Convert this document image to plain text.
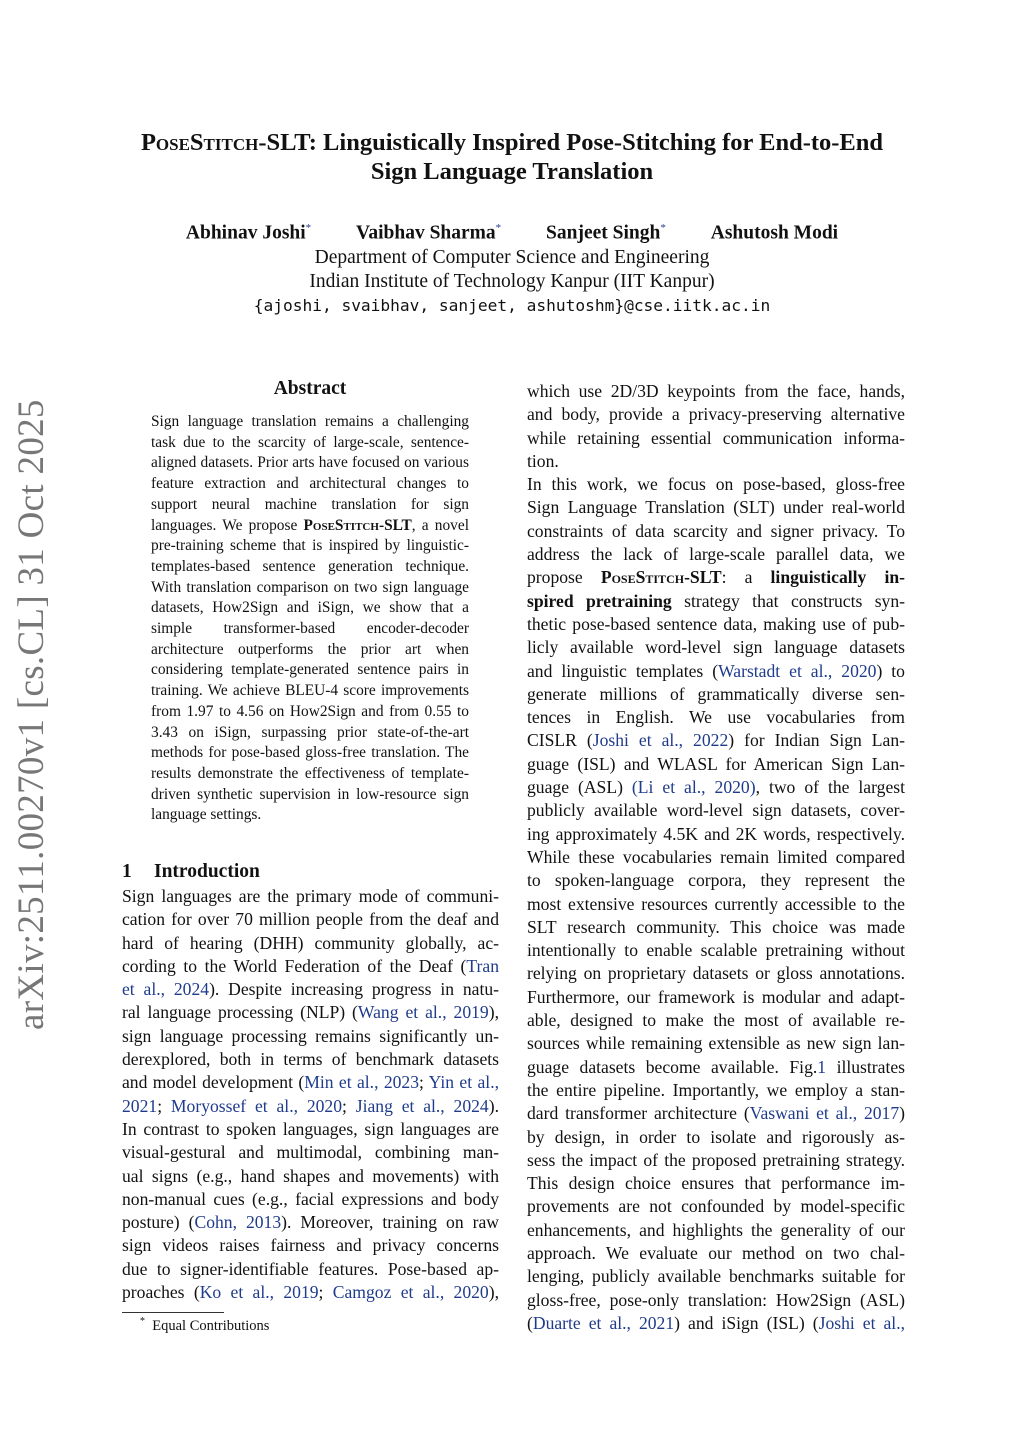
arXiv:2511.00270v1 [cs.CL] 31 Oct 2025
PoseStitch-SLT: Linguistically Inspired Pose-Stitching for End-to-End
Sign Language Translation
Abhinav Joshi* Vaibhav Sharma* Sanjeet Singh* Ashutosh Modi
Department of Computer Science and Engineering
Indian Institute of Technology Kanpur (IIT Kanpur)
{ajoshi, svaibhav, sanjeet, ashutoshm}@cse.iitk.ac.in
Abstract
Sign language translation remains a challenging task due to the scarcity of large-scale, sentence-aligned datasets. Prior arts have focused on various feature extraction and architectural changes to support neural machine translation for sign languages. We propose PoseStitch-SLT, a novel pre-training scheme that is inspired by linguistic-templates-based sentence generation technique. With translation comparison on two sign language datasets, How2Sign and iSign, we show that a simple transformer-based encoder-decoder architecture outperforms the prior art when considering template-generated sentence pairs in training. We achieve BLEU-4 score improvements from 1.97 to 4.56 on How2Sign and from 0.55 to 3.43 on iSign, surpassing prior state-of-the-art methods for pose-based gloss-free translation. The results demonstrate the effectiveness of template-driven synthetic supervision in low-resource sign language settings.
1 Introduction
Sign languages are the primary mode of communi-
cation for over 70 million people from the deaf and
hard of hearing (DHH) community globally, ac-
cording to the World Federation of the Deaf (Tran
et al., 2024). Despite increasing progress in natu-
ral language processing (NLP) (Wang et al., 2019),
sign language processing remains significantly un-
derexplored, both in terms of benchmark datasets
and model development (Min et al., 2023; Yin et al.,
2021; Moryossef et al., 2020; Jiang et al., 2024).
In contrast to spoken languages, sign languages are
visual-gestural and multimodal, combining man-
ual signs (e.g., hand shapes and movements) with
non-manual cues (e.g., facial expressions and body
posture) (Cohn, 2013). Moreover, training on raw
sign videos raises fairness and privacy concerns
due to signer-identifiable features. Pose-based ap-
proaches (Ko et al., 2019; Camgoz et al., 2020),
which use 2D/3D keypoints from the face, hands,
and body, provide a privacy-preserving alternative
while retaining essential communication informa-
tion.
In this work, we focus on pose-based, gloss-free
Sign Language Translation (SLT) under real-world
constraints of data scarcity and signer privacy. To
address the lack of large-scale parallel data, we
propose PoseStitch-SLT: a linguistically in-
spired pretraining strategy that constructs syn-
thetic pose-based sentence data, making use of pub-
licly available word-level sign language datasets
and linguistic templates (Warstadt et al., 2020) to
generate millions of grammatically diverse sen-
tences in English. We use vocabularies from
CISLR (Joshi et al., 2022) for Indian Sign Lan-
guage (ISL) and WLASL for American Sign Lan-
guage (ASL) (Li et al., 2020), two of the largest
publicly available word-level sign datasets, cover-
ing approximately 4.5K and 2K words, respectively.
While these vocabularies remain limited compared
to spoken-language corpora, they represent the
most extensive resources currently accessible to the
SLT research community. This choice was made
intentionally to enable scalable pretraining without
relying on proprietary datasets or gloss annotations.
Furthermore, our framework is modular and adapt-
able, designed to make the most of available re-
sources while remaining extensible as new sign lan-
guage datasets become available. Fig.1 illustrates
the entire pipeline. Importantly, we employ a stan-
dard transformer architecture (Vaswani et al., 2017)
by design, in order to isolate and rigorously as-
sess the impact of the proposed pretraining strategy.
This design choice ensures that performance im-
provements are not confounded by model-specific
enhancements, and highlights the generality of our
approach. We evaluate our method on two chal-
lenging, publicly available benchmarks suitable for
gloss-free, pose-only translation: How2Sign (ASL)
(Duarte et al., 2021) and iSign (ISL) (Joshi et al.,
* Equal Contributions
